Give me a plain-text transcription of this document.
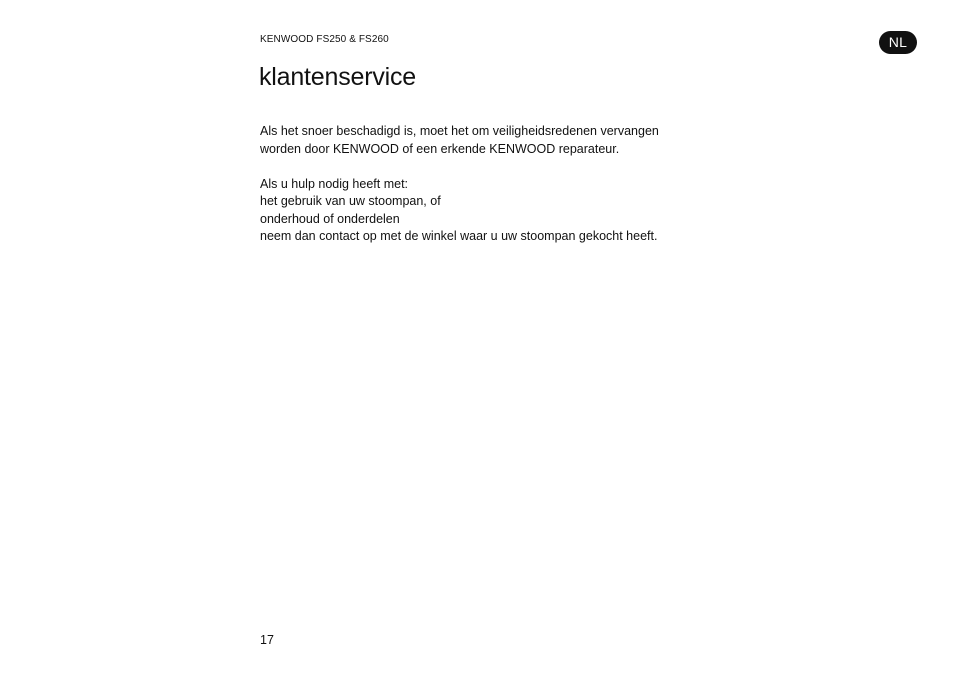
KENWOOD FS250 & FS260	NL
klantenservice

Als het snoer beschadigd is, moet het om veiligheidsredenen vervangen
worden door KENWOOD of een erkende KENWOOD reparateur.

Als u hulp nodig heeft met:
het gebruik van uw stoompan, of
onderhoud of onderdelen
neem dan contact op met de winkel waar u uw stoompan gekocht heeft.

17
